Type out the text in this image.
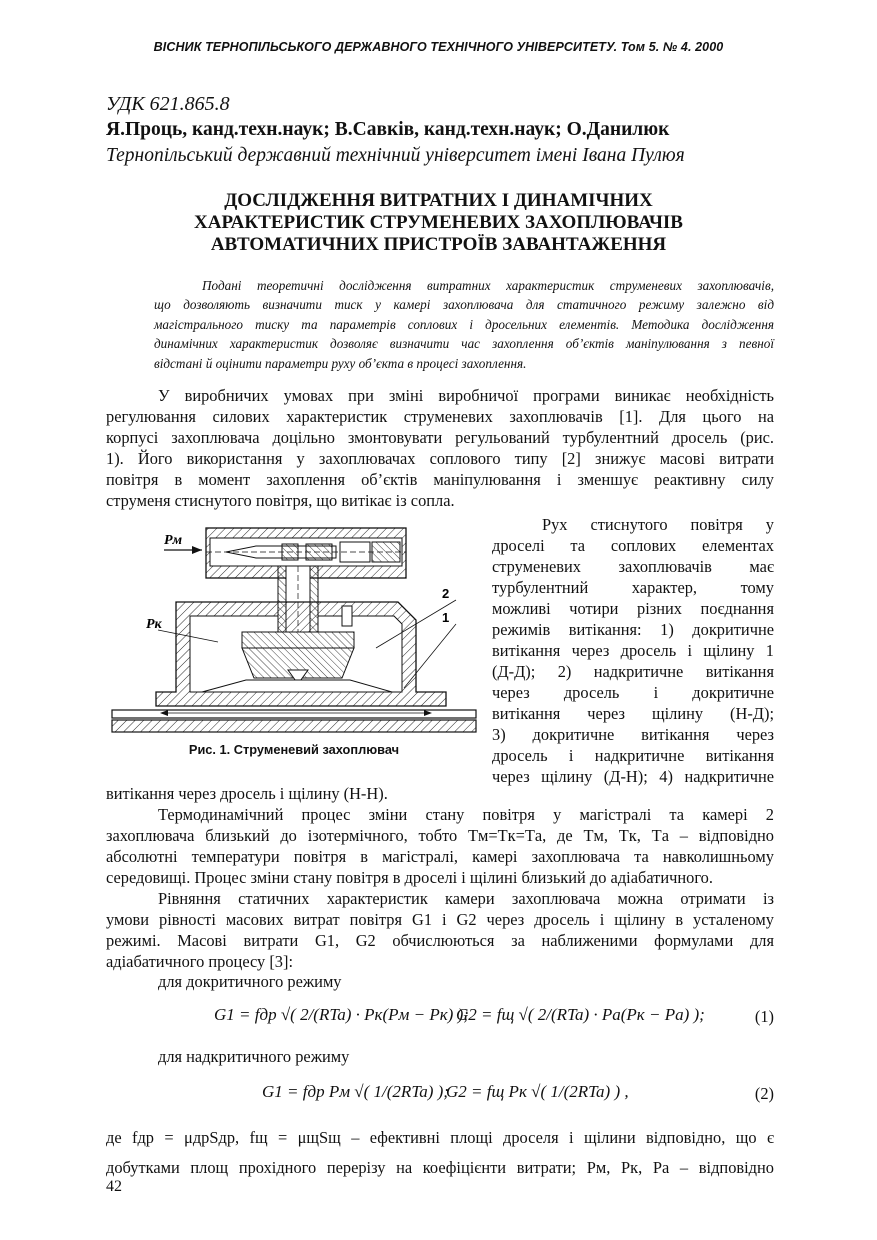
ВІСНИК ТЕРНОПІЛЬСЬКОГО ДЕРЖАВНОГО ТЕХНІЧНОГО УНІВЕРСИТЕТУ. Том 5. № 4. 2000
УДК 621.865.8
Я.Проць, канд.техн.наук; В.Савків, канд.техн.наук; О.Данилюк
Тернопільський державний технічний університет імені Івана Пулюя
ДОСЛІДЖЕННЯ ВИТРАТНИХ І ДИНАМІЧНИХ
ХАРАКТЕРИСТИК СТРУМЕНЕВИХ ЗАХОПЛЮВАЧІВ
АВТОМАТИЧНИХ ПРИСТРОЇВ ЗАВАНТАЖЕННЯ
Подані теоретичні дослідження витратних характеристик струменевих захоплювачів,
що дозволяють визначити тиск у камері захоплювача для статичного режиму залежно від
магістрального тиску та параметрів соплових і дросельних елементів. Методика дослідження
динамічних характеристик дозволяє визначити час захоплення об’єктів маніпулювання з певної
відстані й оцінити параметри руху об’єкта в процесі захоплення.
У виробничих умовах при зміні виробничої програми виникає необхідність
регулювання силових характеристик струменевих захоплювачів [1]. Для цього на
корпусі захоплювача доцільно змонтовувати регульований турбулентний дросель (рис.
1). Його використання у захоплювачах соплового типу [2] знижує масові витрати
повітря в момент захоплення об’єктів маніпулювання і зменшує реактивну силу
струменя стиснутого повітря, що витікає із сопла.
Pм
Pк
2
1
Рис. 1. Струменевий захоплювач
Рух стиснутого повітря у
дроселі та соплових елементах
струменевих захоплювачів має
турбулентний характер, тому
можливі чотири різних поєднання
режимів витікання: 1) докритичне
витікання через дросель і щілину 1
(Д-Д); 2) надкритичне витікання
через дросель і докритичне
витікання через щілину (Н-Д);
3) докритичне витікання через
дросель і надкритичне витікання
через щілину (Д-Н); 4) надкритичне
витікання через дросель і щілину (Н-Н).
Термодинамічний процес зміни стану повітря у магістралі та камері 2
захоплювача близький до ізотермічного, тобто Tм=Tк=Tа, де Tм, Tк, Tа – відповідно
абсолютні температури повітря в магістралі, камері захоплювача та навколишньому
середовищі. Процес зміни стану повітря в дроселі і щілині близький до адіабатичного.
Рівняння статичних характеристик камери захоплювача можна отримати із
умови рівності масових витрат повітря G1 і G2 через дросель і щілину в усталеному
режимі. Масові витрати G1, G2 обчислюються за наближеними формулами для
адіабатичного процесу [3]:
для докритичного режиму
G1 = fдр √( 2/(RTa) · Pк(Pм − Pк) );
G2 = fщ √( 2/(RTa) · Pа(Pк − Pа) );	(1)
для надкритичного режиму
G1 = fдр Pм √( 1/(2RTa) );
G2 = fщ Pк √( 1/(2RTa) ) ,	(2)
де fдр = μдрSдр, fщ = μщSщ – ефективні площі дроселя і щілини відповідно, що є
добутками площ прохідного перерізу на коефіцієнти витрати; Pм, Pк, Pа – відповідно
42
